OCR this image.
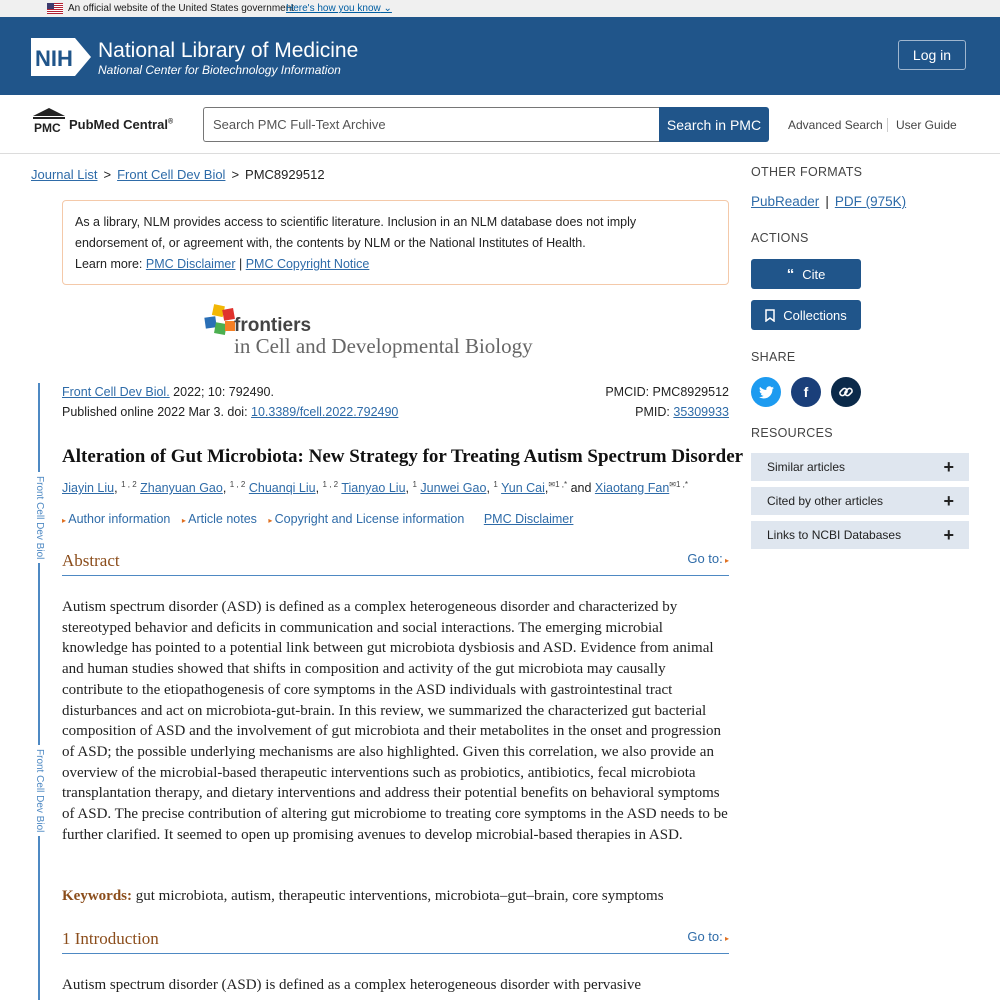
An official website of the United States government
Here's how you know ⌄
NIH National Library of Medicine
National Center for Biotechnology Information
Log in
PMC PubMed Central®
Search PMC Full-Text Archive	Search in PMC	Advanced Search User Guide
Journal List > Front Cell Dev Biol > PMC8929512
As a library, NLM provides access to scientific literature. Inclusion in an NLM database does not imply
endorsement of, or agreement with, the contents by NLM or the National Institutes of Health.
Learn more: PMC Disclaimer | PMC Copyright Notice
frontiers
in Cell and Developmental Biology
Front Cell Dev Biol
Front Cell Dev Biol
Front Cell Dev Biol. 2022; 10: 792490.
Published online 2022 Mar 3. doi: 10.3389/fcell.2022.792490
PMCID: PMC8929512
PMID: 35309933
Alteration of Gut Microbiota: New Strategy for Treating Autism Spectrum Disorder
Jiayin Liu, $^{1 , 2}$ Zhanyuan Gao, $^{1 , 2}$ Chuanqi Liu, $^{1 , 2}$ Tianyao Liu, $^1$ Junwei Gao, $^1$ Yun Cai,$^{✉1 ,*}$ and Xiaotang Fan$^{✉1 ,*}$
▸ Author information ▸ Article notes ▸ Copyright and License information PMC Disclaimer
Abstract	Go to: ▸

Autism spectrum disorder (ASD) is defined as a complex heterogeneous disorder and characterized by stereotyped behavior and deficits in communication and social interactions. The emerging microbial knowledge has pointed to a potential link between gut microbiota dysbiosis and ASD. Evidence from animal and human studies showed that shifts in composition and activity of the gut microbiota may causally contribute to the etiopathogenesis of core symptoms in the ASD individuals with gastrointestinal tract disturbances and act on microbiota-gut-brain. In this review, we summarized the characterized gut bacterial composition of ASD and the involvement of gut microbiota and their metabolites in the onset and progression of ASD; the possible underlying mechanisms are also highlighted. Given this correlation, we also provide an overview of the microbial-based therapeutic interventions such as probiotics, antibiotics, fecal microbiota transplantation therapy, and dietary interventions and address their potential benefits on behavioral symptoms of ASD. The precise contribution of altering gut microbiome to treating core symptoms in the ASD needs to be further clarified. It seemed to open up promising avenues to develop microbial-based therapies in ASD.

Keywords: gut microbiota, autism, therapeutic interventions, microbiota–gut–brain, core symptoms
1 Introduction	Go to: ▸

Autism spectrum disorder (ASD) is defined as a complex heterogeneous disorder with pervasive

OTHER FORMATS
PubReader | PDF (975K)
ACTIONS
“ Cite
Collections
SHARE
f
RESOURCES
Similar articles	+
Cited by other articles	+
Links to NCBI Databases +
